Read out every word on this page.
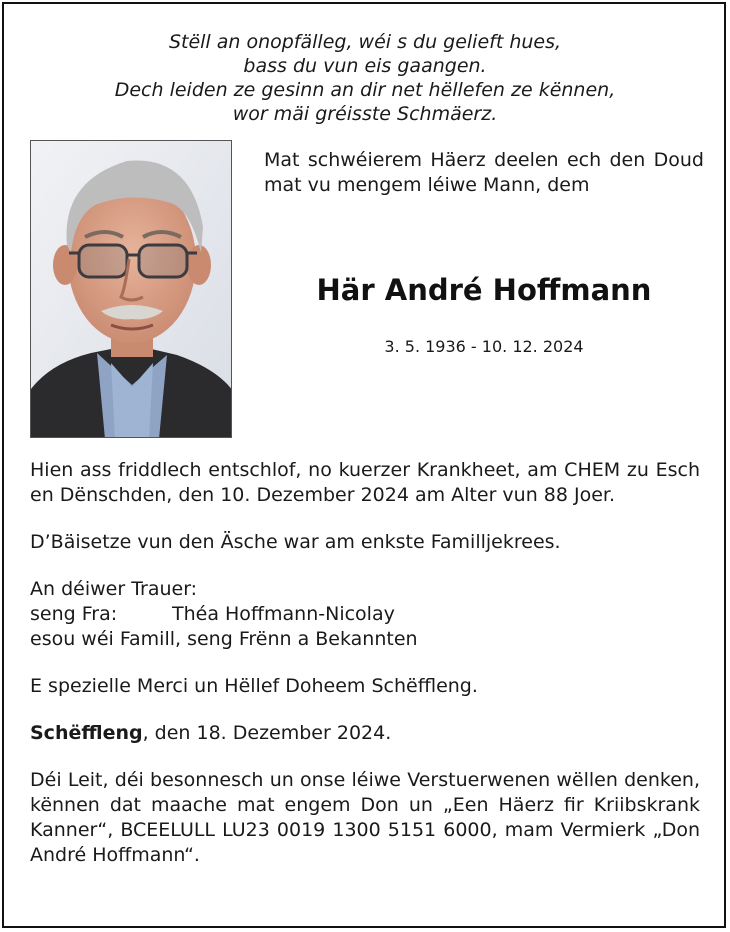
Stëll an onopfälleg, wéi s du gelieft hues,
bass du vun eis gaangen.
Dech leiden ze gesinn an dir net hëllefen ze kënnen,
wor mäi gréisste Schmäerz.
Mat schwéierem Häerz deelen ech den Doud mat vu mengem léiwe Mann, dem
Här André Hoffmann
3. 5. 1936 - 10. 12. 2024

Hien ass friddlech entschlof, no kuerzer Krankheet, am CHEM zu Esch en Dënschden, den 10. Dezember 2024 am Alter vun 88 Joer.

D’Bäisetze vun den Äsche war am enkste Familljekrees.

An déiwer Trauer:

seng Fra:	Théa Hoffmann-Nicolay

esou wéi Famill, seng Frënn a Bekannten

E spezielle Merci un Hëllef Doheem Schëffleng.

Schëffleng, den 18. Dezember 2024.

Déi Leit, déi besonnesch un onse léiwe Verstuerwenen wëllen denken, kënnen dat maache mat engem Don un „Een Häerz fir Kriibskrank Kanner“, BCEELULL LU23 0019 1300 5151 6000, mam Vermierk „Don André Hoffmann“.
